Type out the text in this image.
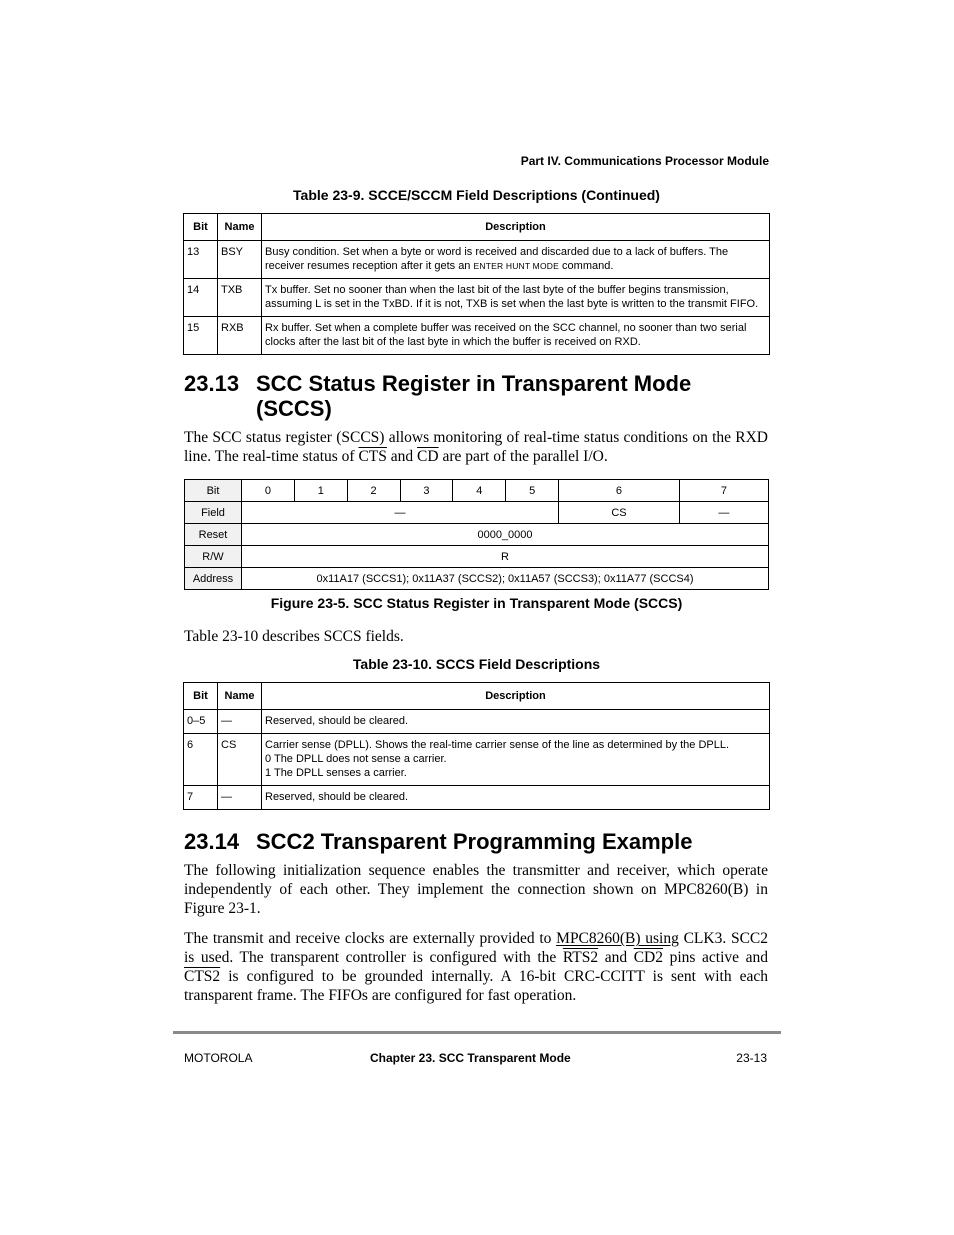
Part IV. Communications Processor Module
Table 23-9. SCCE/SCCM Field Descriptions (Continued)
Bit	Name	Description
13	BSY	Busy condition. Set when a byte or word is received and discarded due to a lack of buffers. The receiver resumes reception after it gets an ENTER HUNT MODE command.
14	TXB	Tx buffer. Set no sooner than when the last bit of the last byte of the buffer begins transmission, assuming L is set in the TxBD. If it is not, TXB is set when the last byte is written to the transmit FIFO.
15	RXB	Rx buffer. Set when a complete buffer was received on the SCC channel, no sooner than two serial clocks after the last bit of the last byte in which the buffer is received on RXD.
23.13 SCC Status Register in Transparent Mode
(SCCS)

The SCC status register (SCCS) allows monitoring of real-time status conditions on the RXD line. The real-time status of $\overline{CTS}$ and $\overline{CD}$ are part of the parallel I/O.

Bit	0	1	2	3	4	5	6	7
Field	—						CS	—
Reset	0000_0000							
R/W	R							
Address	0x11A17 (SCCS1); 0x11A37 (SCCS2); 0x11A57 (SCCS3); 0x11A77 (SCCS4)							
Figure 23-5. SCC Status Register in Transparent Mode (SCCS)

Table 23-10 describes SCCS fields.

Table 23-10. SCCS Field Descriptions
Bit	Name	Description
0–5	—	Reserved, should be cleared.
6	CS	Carrier sense (DPLL). Shows the real-time carrier sense of the line as determined by the DPLL.
0 The DPLL does not sense a carrier.
1 The DPLL senses a carrier.
7	—	Reserved, should be cleared.
23.14 SCC2 Transparent Programming Example

The following initialization sequence enables the transmitter and receiver, which operate independently of each other. They implement the connection shown on MPC8260(B) in Figure 23-1.

The transmit and receive clocks are externally provided to MPC8260(B) using CLK3. SCC2 is used. The transparent controller is configured with the RTS2 and CD2 pins active and CTS2 is configured to be grounded internally. A 16-bit CRC-CCITT is sent with each transparent frame. The FIFOs are configured for fast operation.

MOTOROLA	Chapter 23. SCC Transparent Mode	23-13
